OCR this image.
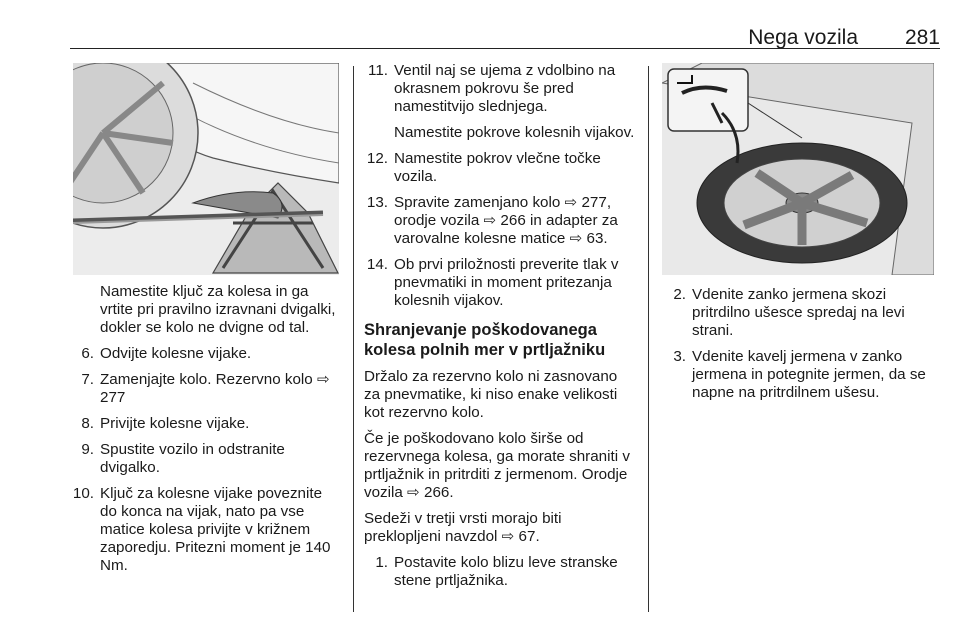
Nega vozila 281

Namestite ključ za kolesa in ga vrtite pri pravilno izravnani dvigalki, dokler se kolo ne dvigne od tal.

6. Odvijte kolesne vijake.
7. Zamenjajte kolo. Rezervno kolo ⇨ 277
8. Privijte kolesne vijake.
9. Spustite vozilo in odstranite dvigalko.
10. Ključ za kolesne vijake poveznite do konca na vijak, nato pa vse matice kolesa privijte v križnem zaporedju. Pritezni moment je 140 Nm.
11. Ventil naj se ujema z vdolbino na okrasnem pokrovu še pred namestitvijo slednjega.

Namestite pokrove kolesnih vijakov.

12. Namestite pokrov vlečne točke vozila.
13. Spravite zamenjano kolo ⇨ 277, orodje vozila ⇨ 266 in adapter za varovalne kolesne matice ⇨ 63.
14. Ob prvi priložnosti preverite tlak v pnevmatiki in moment pritezanja kolesnih vijakov.
Shranjevanje poškodovanega kolesa polnih mer v prtljažniku

Držalo za rezervno kolo ni zasnovano za pnevmatike, ki niso enake velikosti kot rezervno kolo.

Če je poškodovano kolo širše od rezervnega kolesa, ga morate shraniti v prtljažnik in pritrditi z jermenom. Orodje vozila ⇨ 266.

Sedeži v tretji vrsti morajo biti preklopljeni navzdol ⇨ 67.

1. Postavite kolo blizu leve stranske stene prtljažnika.
2. Vdenite zanko jermena skozi pritrdilno ušesce spredaj na levi strani.
3. Vdenite kavelj jermena v zanko jermena in potegnite jermen, da se napne na pritrdilnem ušesu.
